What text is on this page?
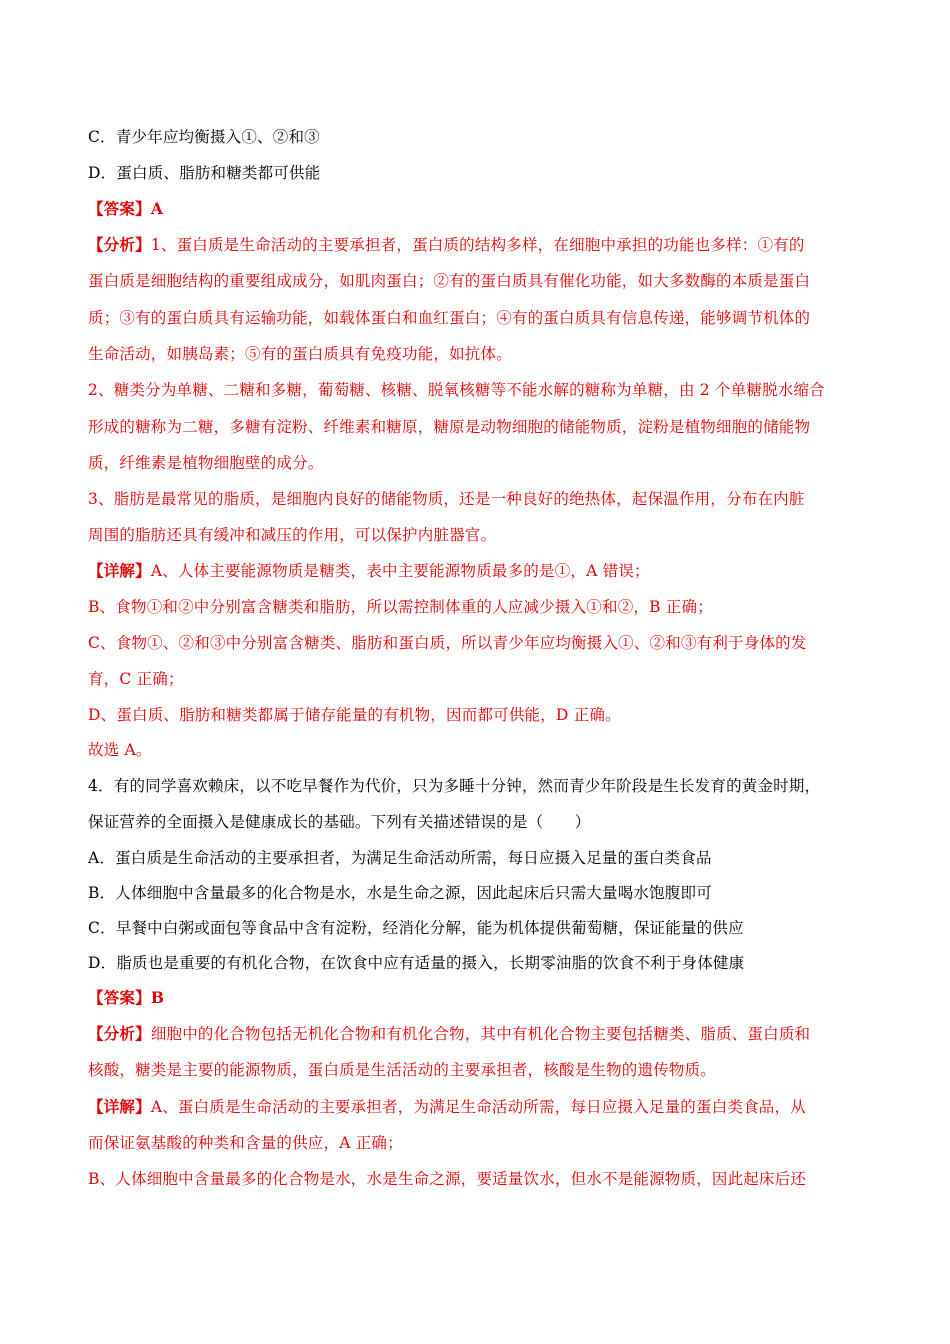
C．青少年应均衡摄入①、②和③
D．蛋白质、脂肪和糖类都可供能
【答案】A
【分析】1、蛋白质是生命活动的主要承担者，蛋白质的结构多样，在细胞中承担的功能也多样：①有的
蛋白质是细胞结构的重要组成成分，如肌肉蛋白；②有的蛋白质具有催化功能，如大多数酶的本质是蛋白
质；③有的蛋白质具有运输功能，如载体蛋白和血红蛋白；④有的蛋白质具有信息传递，能够调节机体的
生命活动，如胰岛素；⑤有的蛋白质具有免疫功能，如抗体。
2、糖类分为单糖、二糖和多糖，葡萄糖、核糖、脱氧核糖等不能水解的糖称为单糖，由 2 个单糖脱水缩合
形成的糖称为二糖，多糖有淀粉、纤维素和糖原，糖原是动物细胞的储能物质，淀粉是植物细胞的储能物
质，纤维素是植物细胞壁的成分。
3、脂肪是最常见的脂质，是细胞内良好的储能物质，还是一种良好的绝热体，起保温作用，分布在内脏
周围的脂肪还具有缓冲和减压的作用，可以保护内脏器官。
【详解】A、人体主要能源物质是糖类，表中主要能源物质最多的是①，A 错误；
B、食物①和②中分别富含糖类和脂肪，所以需控制体重的人应减少摄入①和②，B 正确；
C、食物①、②和③中分别富含糖类、脂肪和蛋白质，所以青少年应均衡摄入①、②和③有利于身体的发
育，C 正确；
D、蛋白质、脂肪和糖类都属于储存能量的有机物，因而都可供能，D 正确。
故选 A。
4．有的同学喜欢赖床，以不吃早餐作为代价，只为多睡十分钟，然而青少年阶段是生长发育的黄金时期，
保证营养的全面摄入是健康成长的基础。下列有关描述错误的是（　　）
A．蛋白质是生命活动的主要承担者，为满足生命活动所需，每日应摄入足量的蛋白类食品
B．人体细胞中含量最多的化合物是水，水是生命之源，因此起床后只需大量喝水饱腹即可
C．早餐中白粥或面包等食品中含有淀粉，经消化分解，能为机体提供葡萄糖，保证能量的供应
D．脂质也是重要的有机化合物，在饮食中应有适量的摄入，长期零油脂的饮食不利于身体健康
【答案】B
【分析】细胞中的化合物包括无机化合物和有机化合物，其中有机化合物主要包括糖类、脂质、蛋白质和
核酸，糖类是主要的能源物质，蛋白质是生活活动的主要承担者，核酸是生物的遗传物质。
【详解】A、蛋白质是生命活动的主要承担者，为满足生命活动所需，每日应摄入足量的蛋白类食品，从
而保证氨基酸的种类和含量的供应，A 正确；
B、人体细胞中含量最多的化合物是水，水是生命之源，要适量饮水，但水不是能源物质，因此起床后还
